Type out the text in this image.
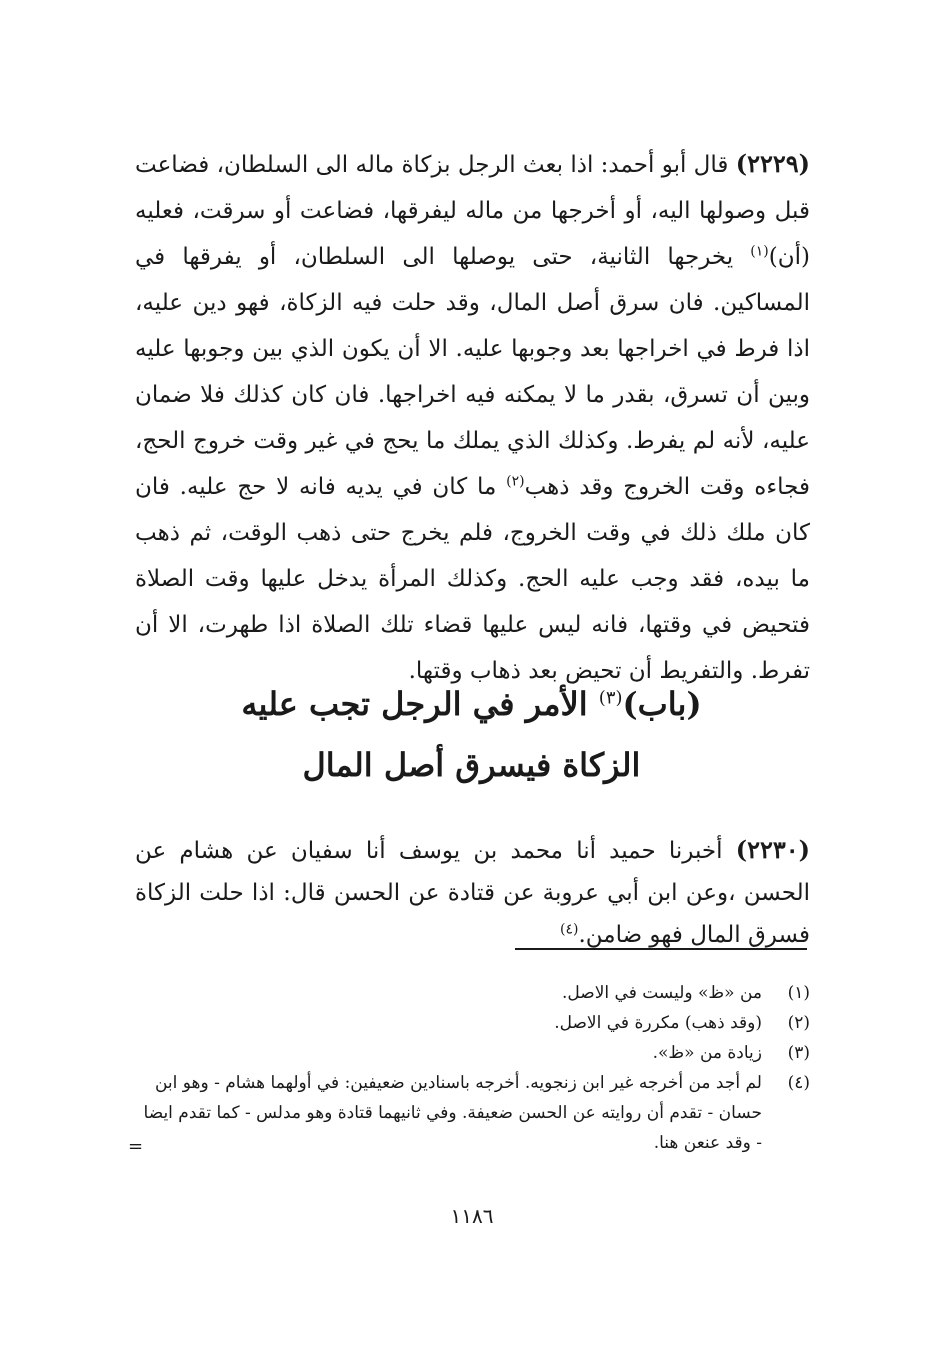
(٢٢٢٩) قال أبو أحمد: اذا بعث الرجل بزكاة ماله الى السلطان، فضاعت قبل وصولها اليه، أو أخرجها من ماله ليفرقها، فضاعت أو سرقت، فعليه (أن)$^{(١)}$ يخرجها الثانية، حتى يوصلها الى السلطان، أو يفرقها في المساكين. فان سرق أصل المال، وقد حلت فيه الزكاة، فهو دين عليه، اذا فرط في اخراجها بعد وجوبها عليه. الا أن يكون الذي بين وجوبها عليه وبين أن تسرق، بقدر ما لا يمكنه فيه اخراجها. فان كان كذلك فلا ضمان عليه، لأنه لم يفرط. وكذلك الذي يملك ما يحج في غير وقت خروج الحج، فجاءه وقت الخروج وقد ذهب$^{(٢)}$ ما كان في يديه فانه لا حج عليه. فان كان ملك ذلك في وقت الخروج، فلم يخرج حتى ذهب الوقت، ثم ذهب ما بيده، فقد وجب عليه الحج. وكذلك المرأة يدخل عليها وقت الصلاة فتحيض في وقتها، فانه ليس عليها قضاء تلك الصلاة اذا طهرت، الا أن تفرط. والتفريط أن تحيض بعد ذهاب وقتها.

(باب)$^{(٣)}$ الأمر في الرجل تجب عليه
الزكاة فيسرق أصل المال

(٢٢٣٠) أخبرنا حميد أنا محمد بن يوسف أنا سفيان عن هشام عن الحسن ،وعن ابن أبي عروبة عن قتادة عن الحسن قال: اذا حلت الزكاة فسرق المال فهو ضامن.$^{(٤)}$

(١)
من «ظ» وليست في الاصل.
(٢)
(وقد ذهب) مكررة في الاصل.
(٣)
زيادة من «ظ».
(٤)
لم أجد من أخرجه غير ابن زنجويه. أخرجه باسنادين ضعيفين: في أولهما هشام - وهو ابن حسان - تقدم أن روايته عن الحسن ضعيفة. وفي ثانيهما قتادة وهو مدلس - كما تقدم ايضا - وقد عنعن هنا.
=
١١٨٦
